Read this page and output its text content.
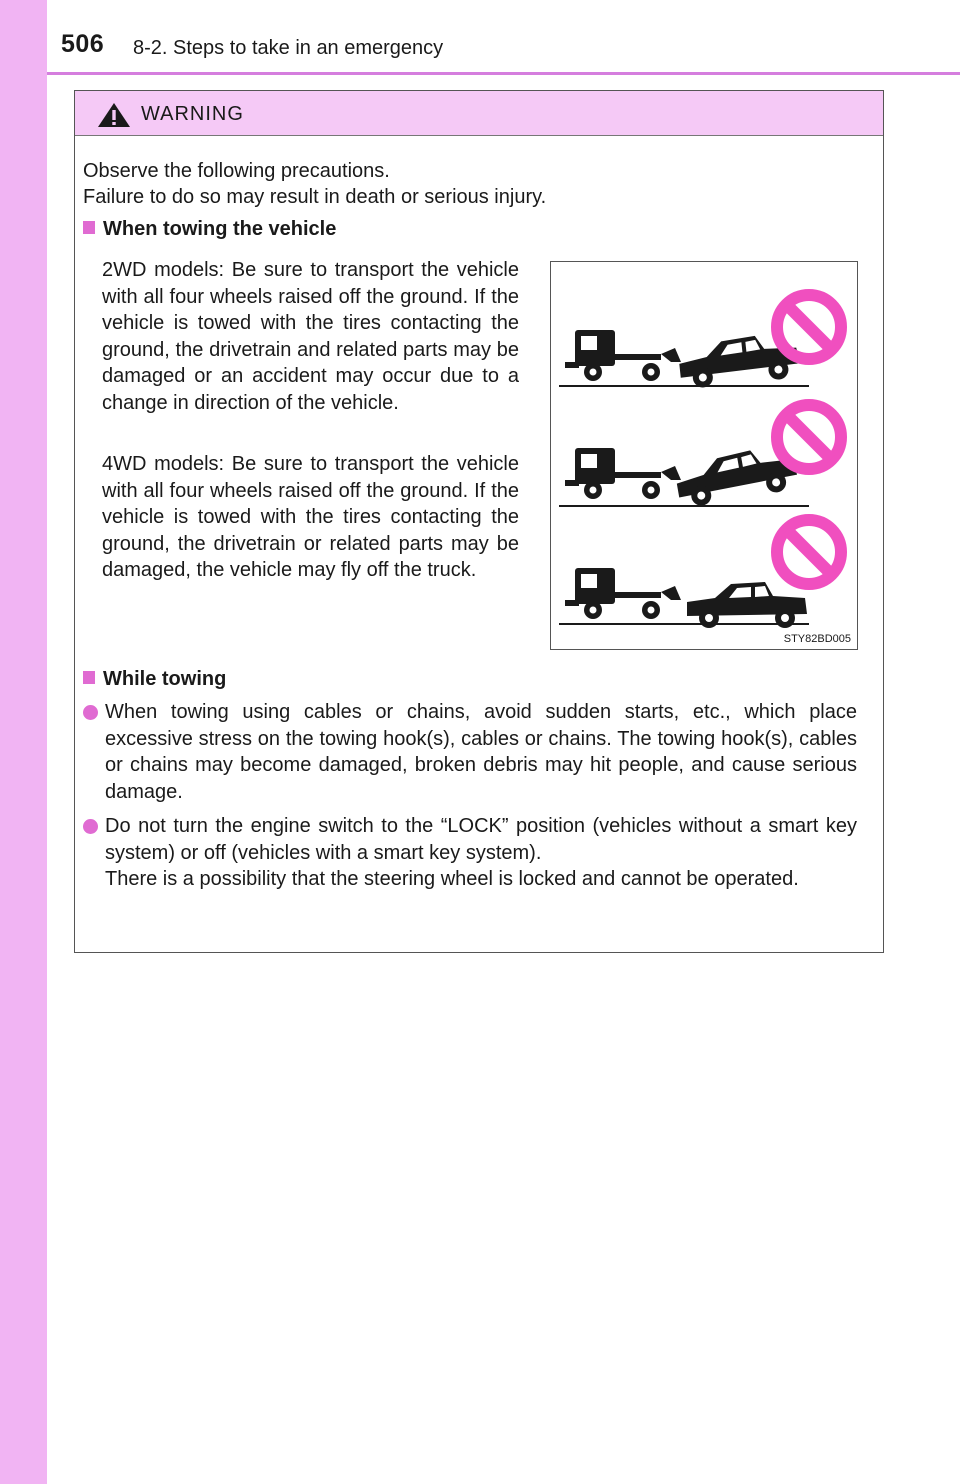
506 8-2. Steps to take in an emergency
WARNING
Observe the following precautions.
Failure to do so may result in death or serious injury.
When towing the vehicle
2WD models: Be sure to transport the vehicle with all four wheels raised off the ground. If the vehicle is towed with the tires contacting the ground, the drivetrain and related parts may be damaged or an accident may occur due to a change in direction of the vehicle.
4WD models: Be sure to transport the vehicle with all four wheels raised off the ground. If the vehicle is towed with the tires contacting the ground, the drivetrain or related parts may be damaged, the vehicle may fly off the truck.
STY82BD005
While towing
When towing using cables or chains, avoid sudden starts, etc., which place excessive stress on the towing hook(s), cables or chains. The towing hook(s), cables or chains may become damaged, broken debris may hit people, and cause serious damage.
Do not turn the engine switch to the “LOCK” position (vehicles without a smart key system) or off (vehicles with a smart key system).
There is a possibility that the steering wheel is locked and cannot be operated.
